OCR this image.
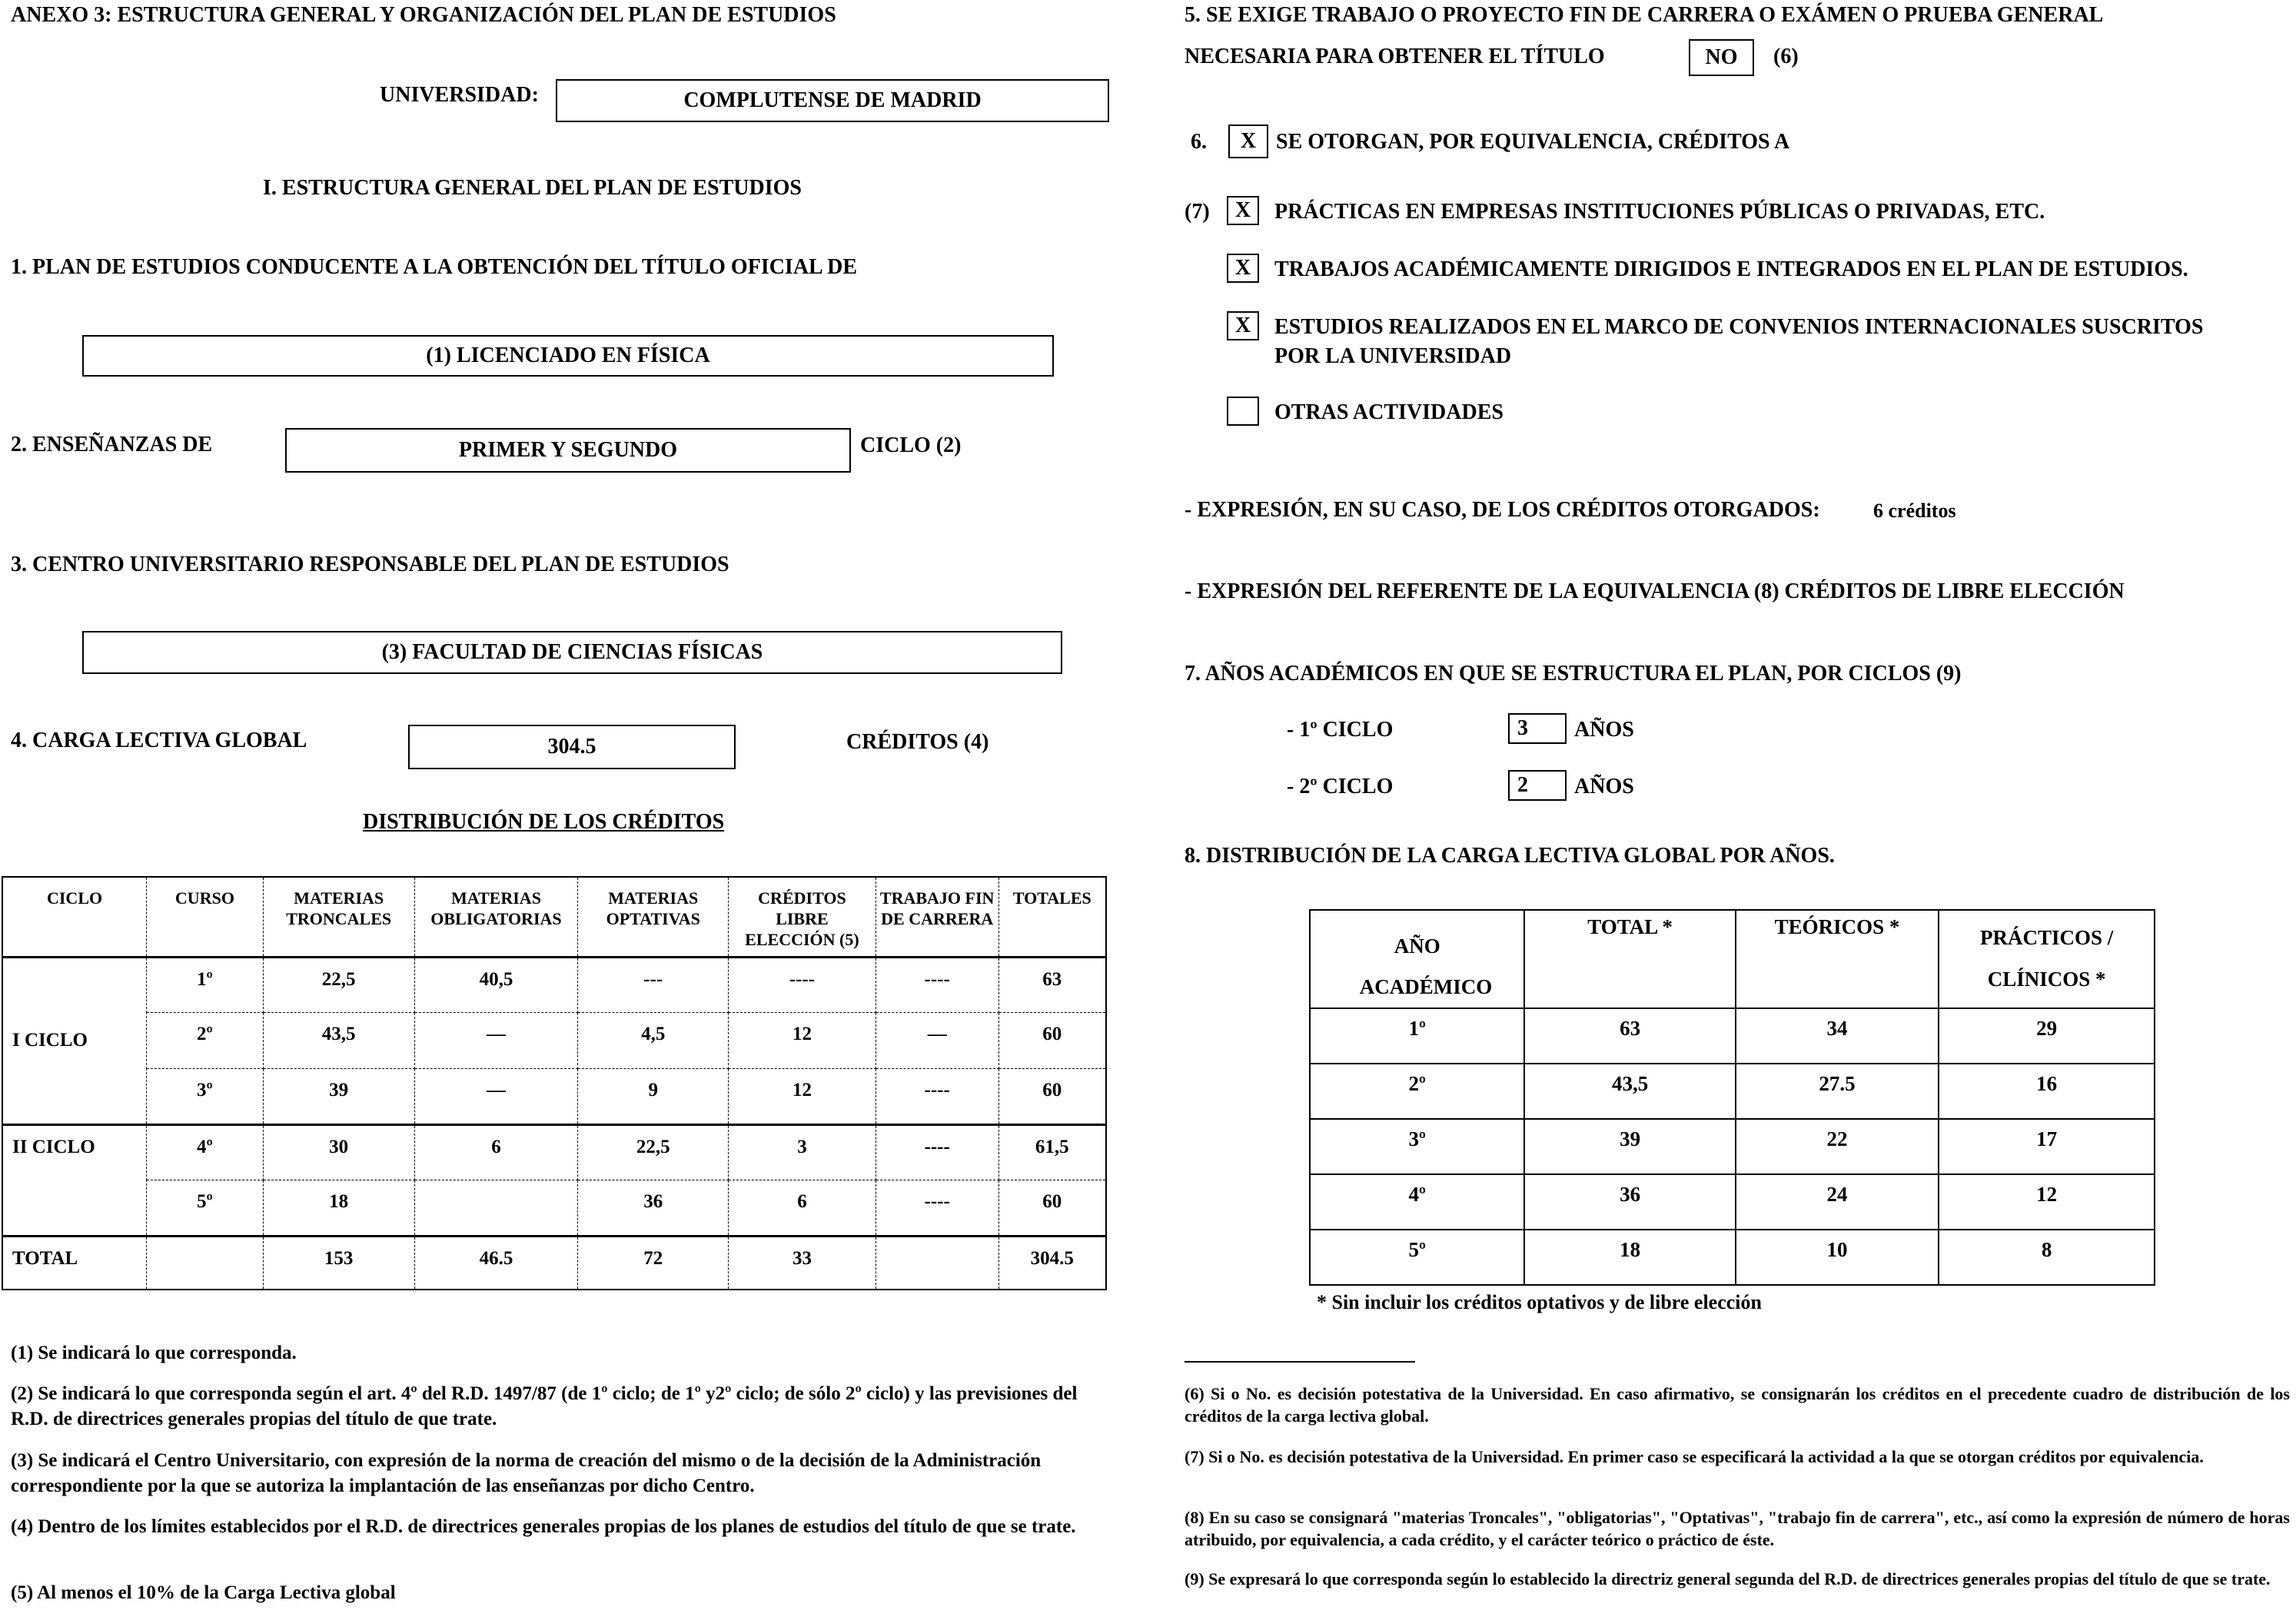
ANEXO 3: ESTRUCTURA GENERAL Y ORGANIZACIÓN DEL PLAN DE ESTUDIOS
UNIVERSIDAD:	COMPLUTENSE DE MADRID
I. ESTRUCTURA GENERAL DEL PLAN DE ESTUDIOS
1. PLAN DE ESTUDIOS CONDUCENTE A LA OBTENCIÓN DEL TÍTULO OFICIAL DE
(1) LICENCIADO EN FÍSICA
2. ENSEÑANZAS DE	PRIMER Y SEGUNDO	CICLO (2)
3. CENTRO UNIVERSITARIO RESPONSABLE DEL PLAN DE ESTUDIOS
(3) FACULTAD DE CIENCIAS FÍSICAS
4. CARGA LECTIVA GLOBAL	304.5	CRÉDITOS (4)
DISTRIBUCIÓN DE LOS CRÉDITOS
CICLO	CURSO	MATERIAS TRONCALES	MATERIAS OBLIGATORIAS	MATERIAS OPTATIVAS	CRÉDITOS LIBRE ELECCIÓN (5)	TRABAJO FIN DE CARRERA	TOTALES
I CICLO	1º	22,5	40,5	---	----	----	63
	2º	43,5	—	4,5	12	—	60
	3º	39	—	9	12	----	60
II CICLO	4º	30	6	22,5	3	----	61,5
	5º	18		36	6	----	60
TOTAL		153	46.5	72	33		304.5
(1) Se indicará lo que corresponda.
(2) Se indicará lo que corresponda según el art. 4º del R.D. 1497/87 (de 1º ciclo; de 1º y2º ciclo; de sólo 2º ciclo) y las previsiones del R.D. de directrices generales propias del título de que trate.
(3) Se indicará el Centro Universitario, con expresión de la norma de creación del mismo o de la decisión de la Administración correspondiente por la que se autoriza la implantación de las enseñanzas por dicho Centro.
(4) Dentro de los límites establecidos por el R.D. de directrices generales propias de los planes de estudios del título de que se trate.
(5) Al menos el 10% de la Carga Lectiva global
5. SE EXIGE TRABAJO O PROYECTO FIN DE CARRERA O EXÁMEN O PRUEBA GENERAL
NECESARIA PARA OBTENER EL TÍTULO	NO	(6)
6.	X SE OTORGAN, POR EQUIVALENCIA, CRÉDITOS A
(7)	X	PRÁCTICAS EN EMPRESAS INSTITUCIONES PÚBLICAS O PRIVADAS, ETC.
X	TRABAJOS ACADÉMICAMENTE DIRIGIDOS E INTEGRADOS EN EL PLAN DE ESTUDIOS.
X	ESTUDIOS REALIZADOS EN EL MARCO DE CONVENIOS INTERNACIONALES SUSCRITOS
POR LA UNIVERSIDAD
OTRAS ACTIVIDADES
- EXPRESIÓN, EN SU CASO, DE LOS CRÉDITOS OTORGADOS:	6 créditos
- EXPRESIÓN DEL REFERENTE DE LA EQUIVALENCIA (8) CRÉDITOS DE LIBRE ELECCIÓN
7. AÑOS ACADÉMICOS EN QUE SE ESTRUCTURA EL PLAN, POR CICLOS (9)
- 1º CICLO	3	AÑOS
- 2º CICLO	2	AÑOS
8. DISTRIBUCIÓN DE LA CARGA LECTIVA GLOBAL POR AÑOS.
AÑO ACADÉMICO	TOTAL *	TEÓRICOS *	PRÁCTICOS / CLÍNICOS *

1º	63	34	29
2º	43,5	27.5	16
3º	39	22	17
4º	36	24	12
5º	18	10	8
* Sin incluir los créditos optativos y de libre elección
(6) Si o No. es decisión potestativa de la Universidad. En caso afirmativo, se consignarán los créditos en el precedente cuadro de distribución de los créditos de la carga lectiva global.
(7) Si o No. es decisión potestativa de la Universidad. En primer caso se especificará la actividad a la que se otorgan créditos por equivalencia.
(8) En su caso se consignará "materias Troncales", "obligatorias", "Optativas", "trabajo fin de carrera", etc., así como la expresión de número de horas atribuido, por equivalencia, a cada crédito, y el carácter teórico o práctico de éste.
(9) Se expresará lo que corresponda según lo establecido la directriz general segunda del R.D. de directrices generales propias del título de que se trate.
